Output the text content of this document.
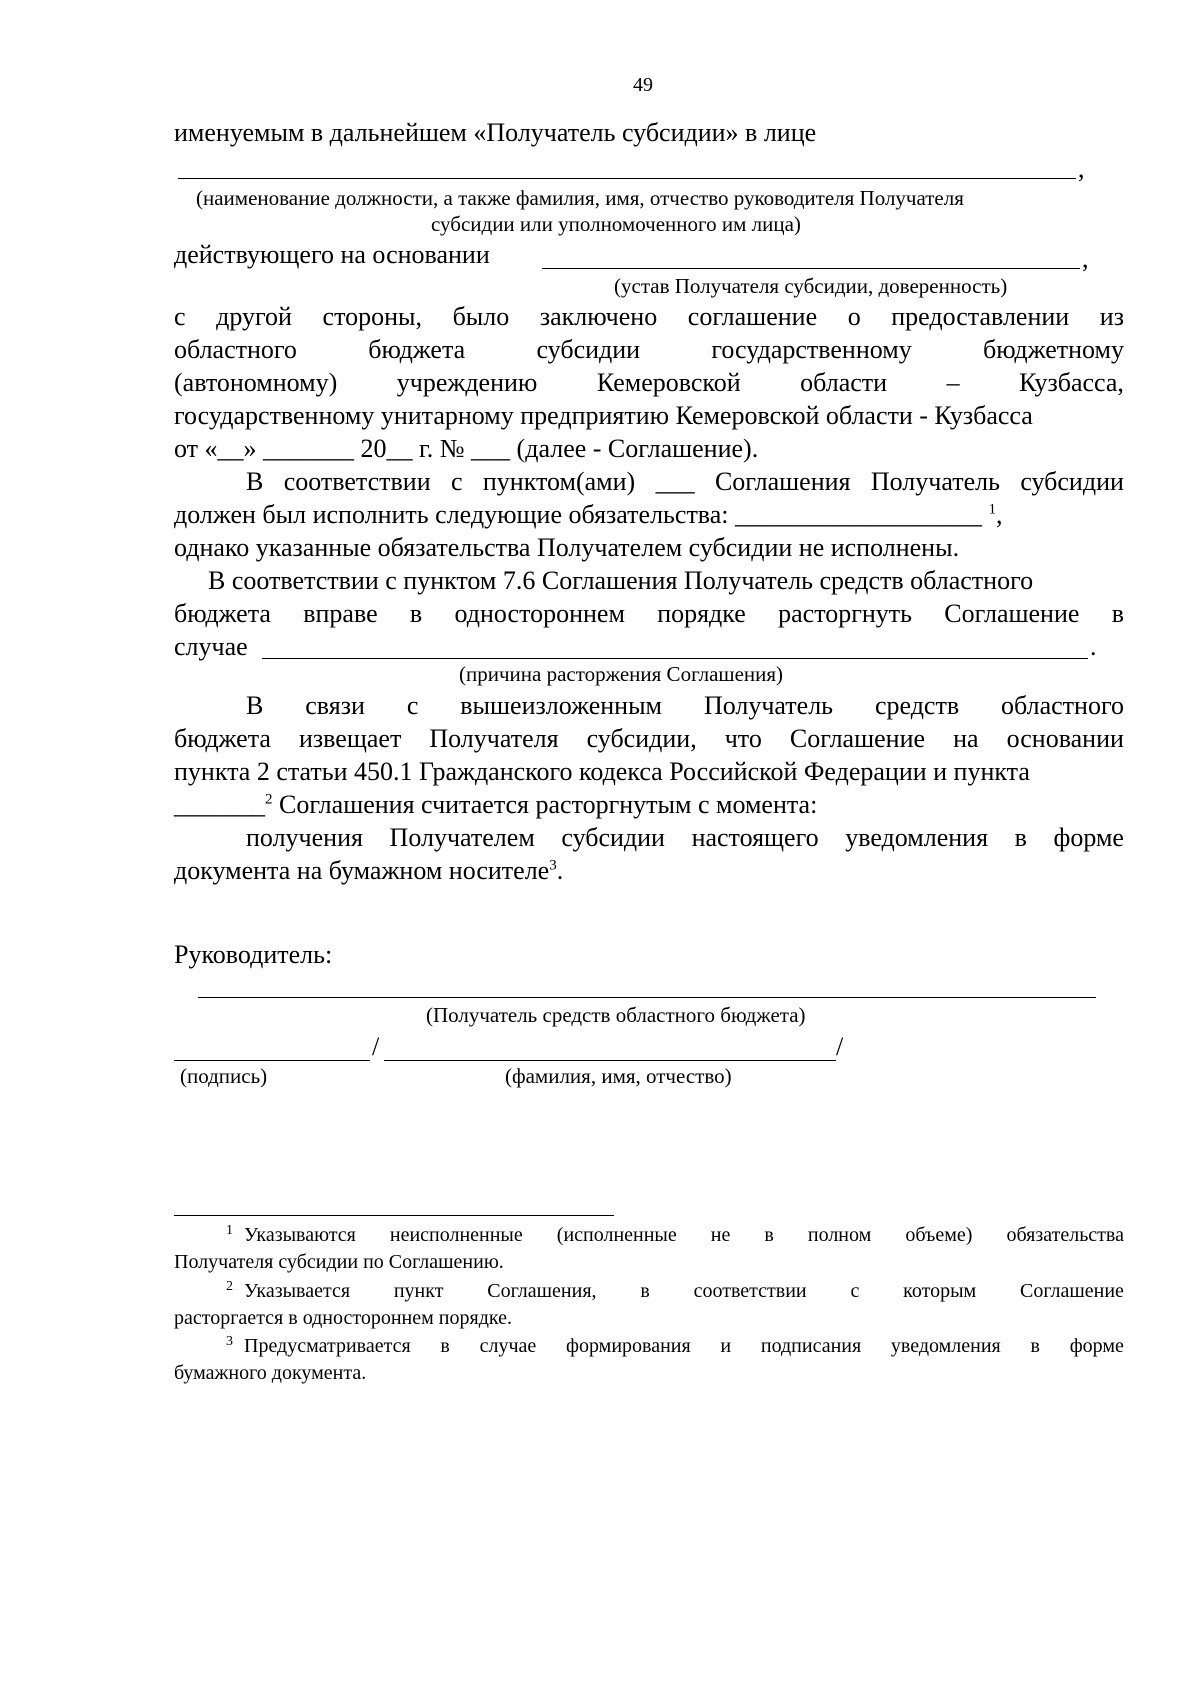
49
именуемым в дальнейшем «Получатель субсидии» в лице
,
(наименование должности, а также фамилия, имя, отчество руководителя Получателя
субсидии или уполномоченного им лица)
действующего на основании	,
(устав Получателя субсидии, доверенность)
с другой стороны, было заключено соглашение о предоставлении из
областного	бюджета	субсидии	государственному	бюджетному
(автономному) учреждению Кемеровской области – Кузбасса,
государственному унитарному предприятию Кемеровской области - Кузбасса
от «__» _______ 20__ г. № ___ (далее - Соглашение).
В соответствии с пунктом(ами) ___ Соглашения Получатель субсидии
должен был исполнить следующие обязательства: ___________________ $^1$,
однако указанные обязательства Получателем субсидии не исполнены.
В соответствии с пунктом 7.6 Соглашения Получатель средств областного
бюджета вправе в одностороннем порядке расторгнуть Соглашение в
случае	.
(причина расторжения Соглашения)
В связи с вышеизложенным Получатель средств областного
бюджета извещает Получателя субсидии, что Соглашение на основании
пункта 2 статьи 450.1 Гражданского кодекса Российской Федерации и пункта
_______$^2$ Соглашения считается расторгнутым с момента:
получения Получателем субсидии настоящего уведомления в форме
документа на бумажном носителе$^3$.
Руководитель:
(Получатель средств областного бюджета)
/	/
(подпись)	(фамилия, имя, отчество)
Указываются неисполненные (исполненные не в полном объеме) обязательства
1
Получателя субсидии по Соглашению.
Указывается пункт Соглашения, в соответствии с которым Соглашение
2
расторгается в одностороннем порядке.
Предусматривается в случае формирования и подписания уведомления в форме
3
бумажного документа.
